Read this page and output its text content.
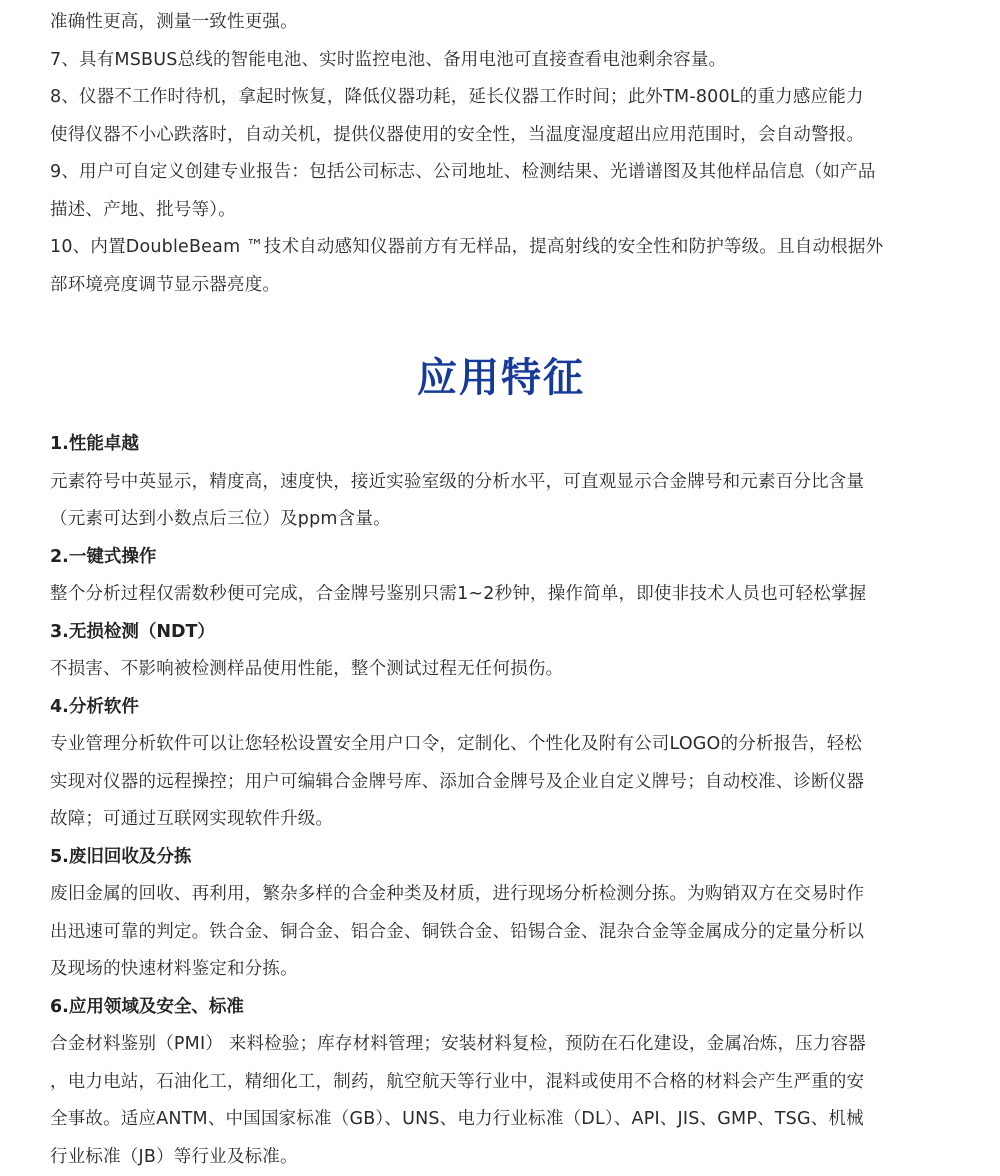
准确性更高，测量一致性更强。

7、具有MSBUS总线的智能电池、实时监控电池、备用电池可直接查看电池剩余容量。

8、仪器不工作时待机，拿起时恢复，降低仪器功耗，延长仪器工作时间；此外TM-800L的重力感应能力

使得仪器不小心跌落时，自动关机，提供仪器使用的安全性，当温度湿度超出应用范围时，会自动警报。

9、用户可自定义创建专业报告：包括公司标志、公司地址、检测结果、光谱谱图及其他样品信息（如产品

描述、产地、批号等）。

10、内置DoubleBeam ™技术自动感知仪器前方有无样品，提高射线的安全性和防护等级。且自动根据外

部环境亮度调节显示器亮度。

应用特征
1.性能卓越

元素符号中英显示，精度高，速度快，接近实验室级的分析水平，可直观显示合金牌号和元素百分比含量

（元素可达到小数点后三位）及ppm含量。

2.一键式操作

整个分析过程仅需数秒便可完成，合金牌号鉴别只需1~2秒钟，操作简单，即使非技术人员也可轻松掌握

3.无损检测（NDT）

不损害、不影响被检测样品使用性能，整个测试过程无任何损伤。

4.分析软件

专业管理分析软件可以让您轻松设置安全用户口令，定制化、个性化及附有公司LOGO的分析报告，轻松

实现对仪器的远程操控；用户可编辑合金牌号库、添加合金牌号及企业自定义牌号；自动校准、诊断仪器

故障；可通过互联网实现软件升级。

5.废旧回收及分拣

废旧金属的回收、再利用，繁杂多样的合金种类及材质，进行现场分析检测分拣。为购销双方在交易时作

出迅速可靠的判定。铁合金、铜合金、铝合金、铜铁合金、铅锡合金、混杂合金等金属成分的定量分析以

及现场的快速材料鉴定和分拣。

6.应用领域及安全、标准

合金材料鉴别（PMI） 来料检验；库存材料管理；安装材料复检，预防在石化建设，金属冶炼，压力容器

，电力电站，石油化工，精细化工，制药，航空航天等行业中，混料或使用不合格的材料会产生严重的安

全事故。适应ANTM、中国国家标准（GB）、UNS、电力行业标准（DL）、API、JIS、GMP、TSG、机械

行业标准（JB）等行业及标准。
